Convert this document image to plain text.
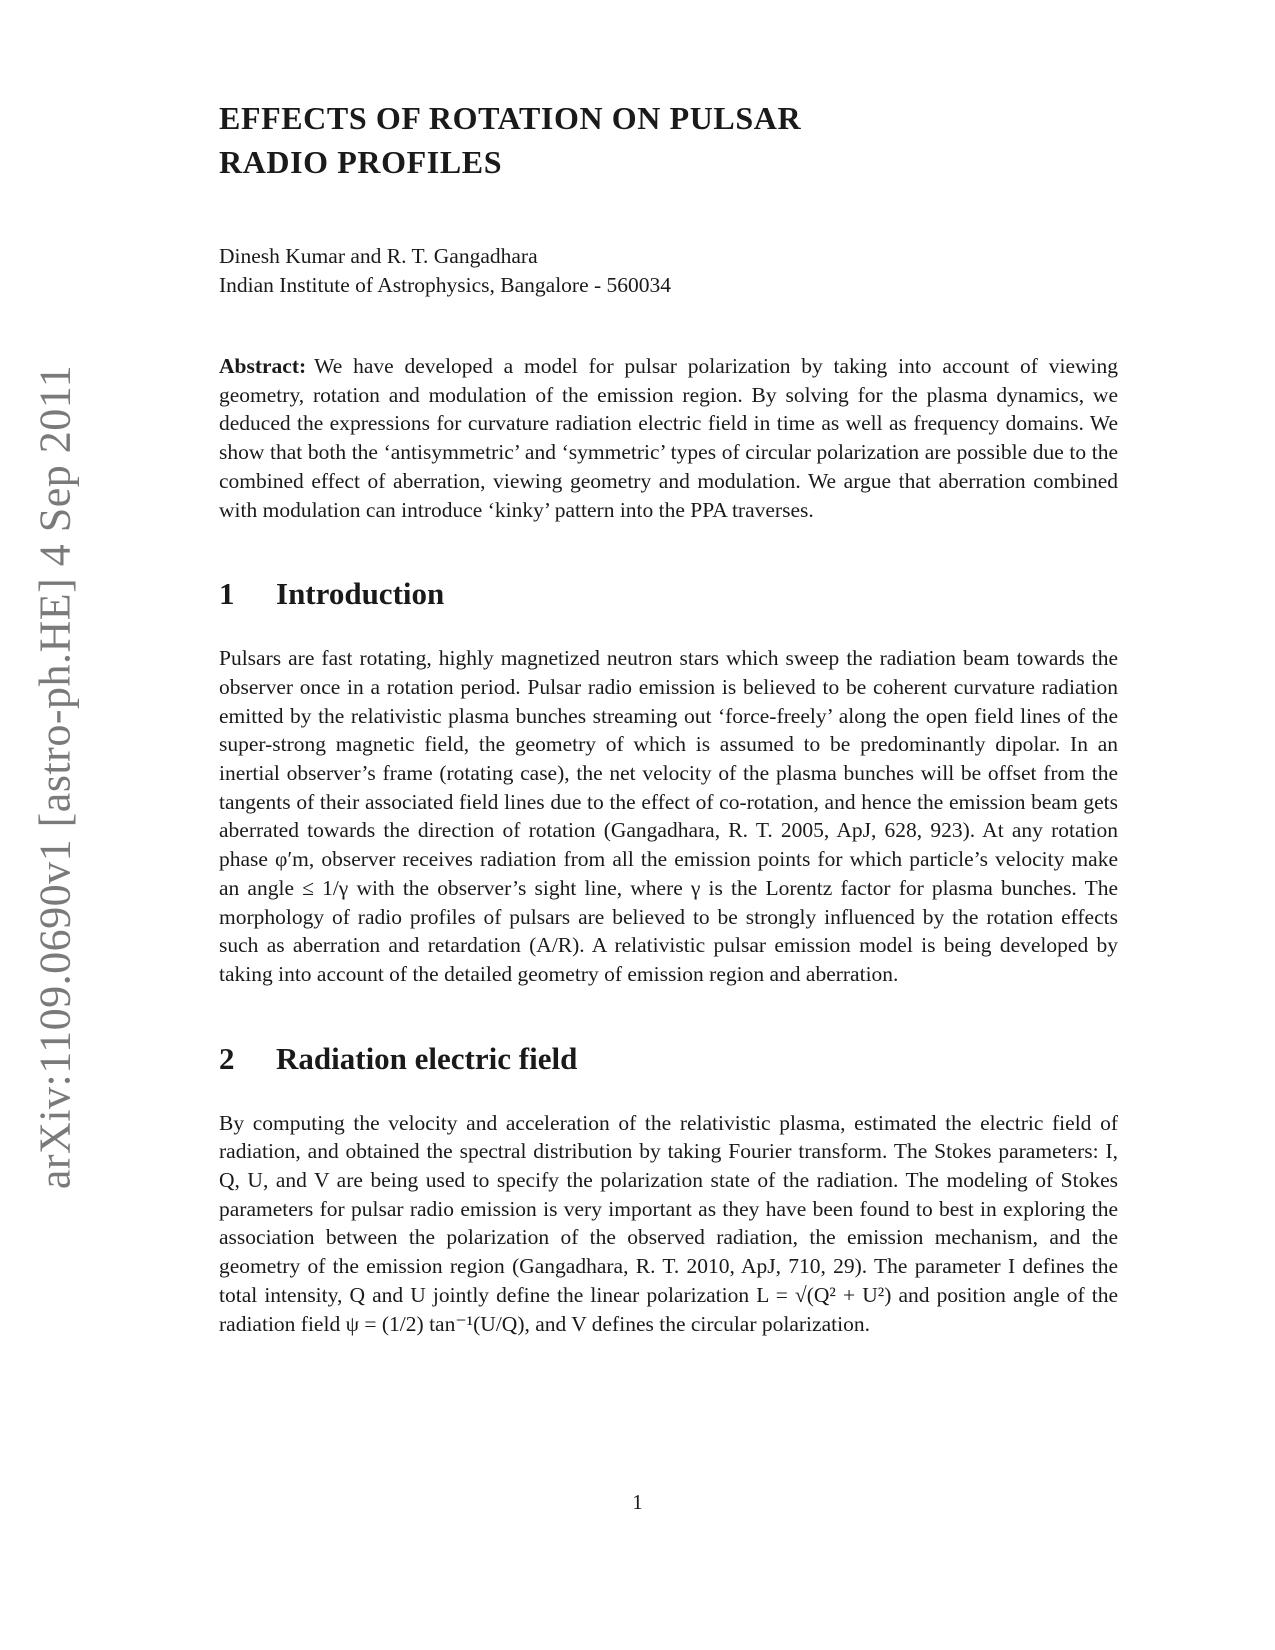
arXiv:1109.0690v1 [astro-ph.HE] 4 Sep 2011
EFFECTS OF ROTATION ON PULSAR
RADIO PROFILES
Dinesh Kumar and R. T. Gangadhara
Indian Institute of Astrophysics, Bangalore - 560034
Abstract: We have developed a model for pulsar polarization by taking into account of viewing geometry, rotation and modulation of the emission region. By solving for the plasma dynamics, we deduced the expressions for curvature radiation electric field in time as well as frequency domains. We show that both the ‘antisymmetric’ and ‘symmetric’ types of circular polarization are possible due to the combined effect of aberration, viewing geometry and modulation. We argue that aberration combined with modulation can introduce ‘kinky’ pattern into the PPA traverses.
1 Introduction
Pulsars are fast rotating, highly magnetized neutron stars which sweep the radiation beam towards the observer once in a rotation period. Pulsar radio emission is believed to be coherent curvature radiation emitted by the relativistic plasma bunches streaming out ‘force-freely’ along the open field lines of the super-strong magnetic field, the geometry of which is assumed to be predominantly dipolar. In an inertial observer’s frame (rotating case), the net velocity of the plasma bunches will be offset from the tangents of their associated field lines due to the effect of co-rotation, and hence the emission beam gets aberrated towards the direction of rotation (Gangadhara, R. T. 2005, ApJ, 628, 923). At any rotation phase φ′m, observer receives radiation from all the emission points for which particle’s velocity make an angle ≤ 1/γ with the observer’s sight line, where γ is the Lorentz factor for plasma bunches. The morphology of radio profiles of pulsars are believed to be strongly influenced by the rotation effects such as aberration and retardation (A/R). A relativistic pulsar emission model is being developed by taking into account of the detailed geometry of emission region and aberration.
2 Radiation electric field
By computing the velocity and acceleration of the relativistic plasma, estimated the electric field of radiation, and obtained the spectral distribution by taking Fourier transform. The Stokes parameters: I, Q, U, and V are being used to specify the polarization state of the radiation. The modeling of Stokes parameters for pulsar radio emission is very important as they have been found to best in exploring the association between the polarization of the observed radiation, the emission mechanism, and the geometry of the emission region (Gangadhara, R. T. 2010, ApJ, 710, 29). The parameter I defines the total intensity, Q and U jointly define the linear polarization L = √(Q² + U²) and position angle of the radiation field ψ = (1/2) tan⁻¹(U/Q), and V defines the circular polarization.
1
